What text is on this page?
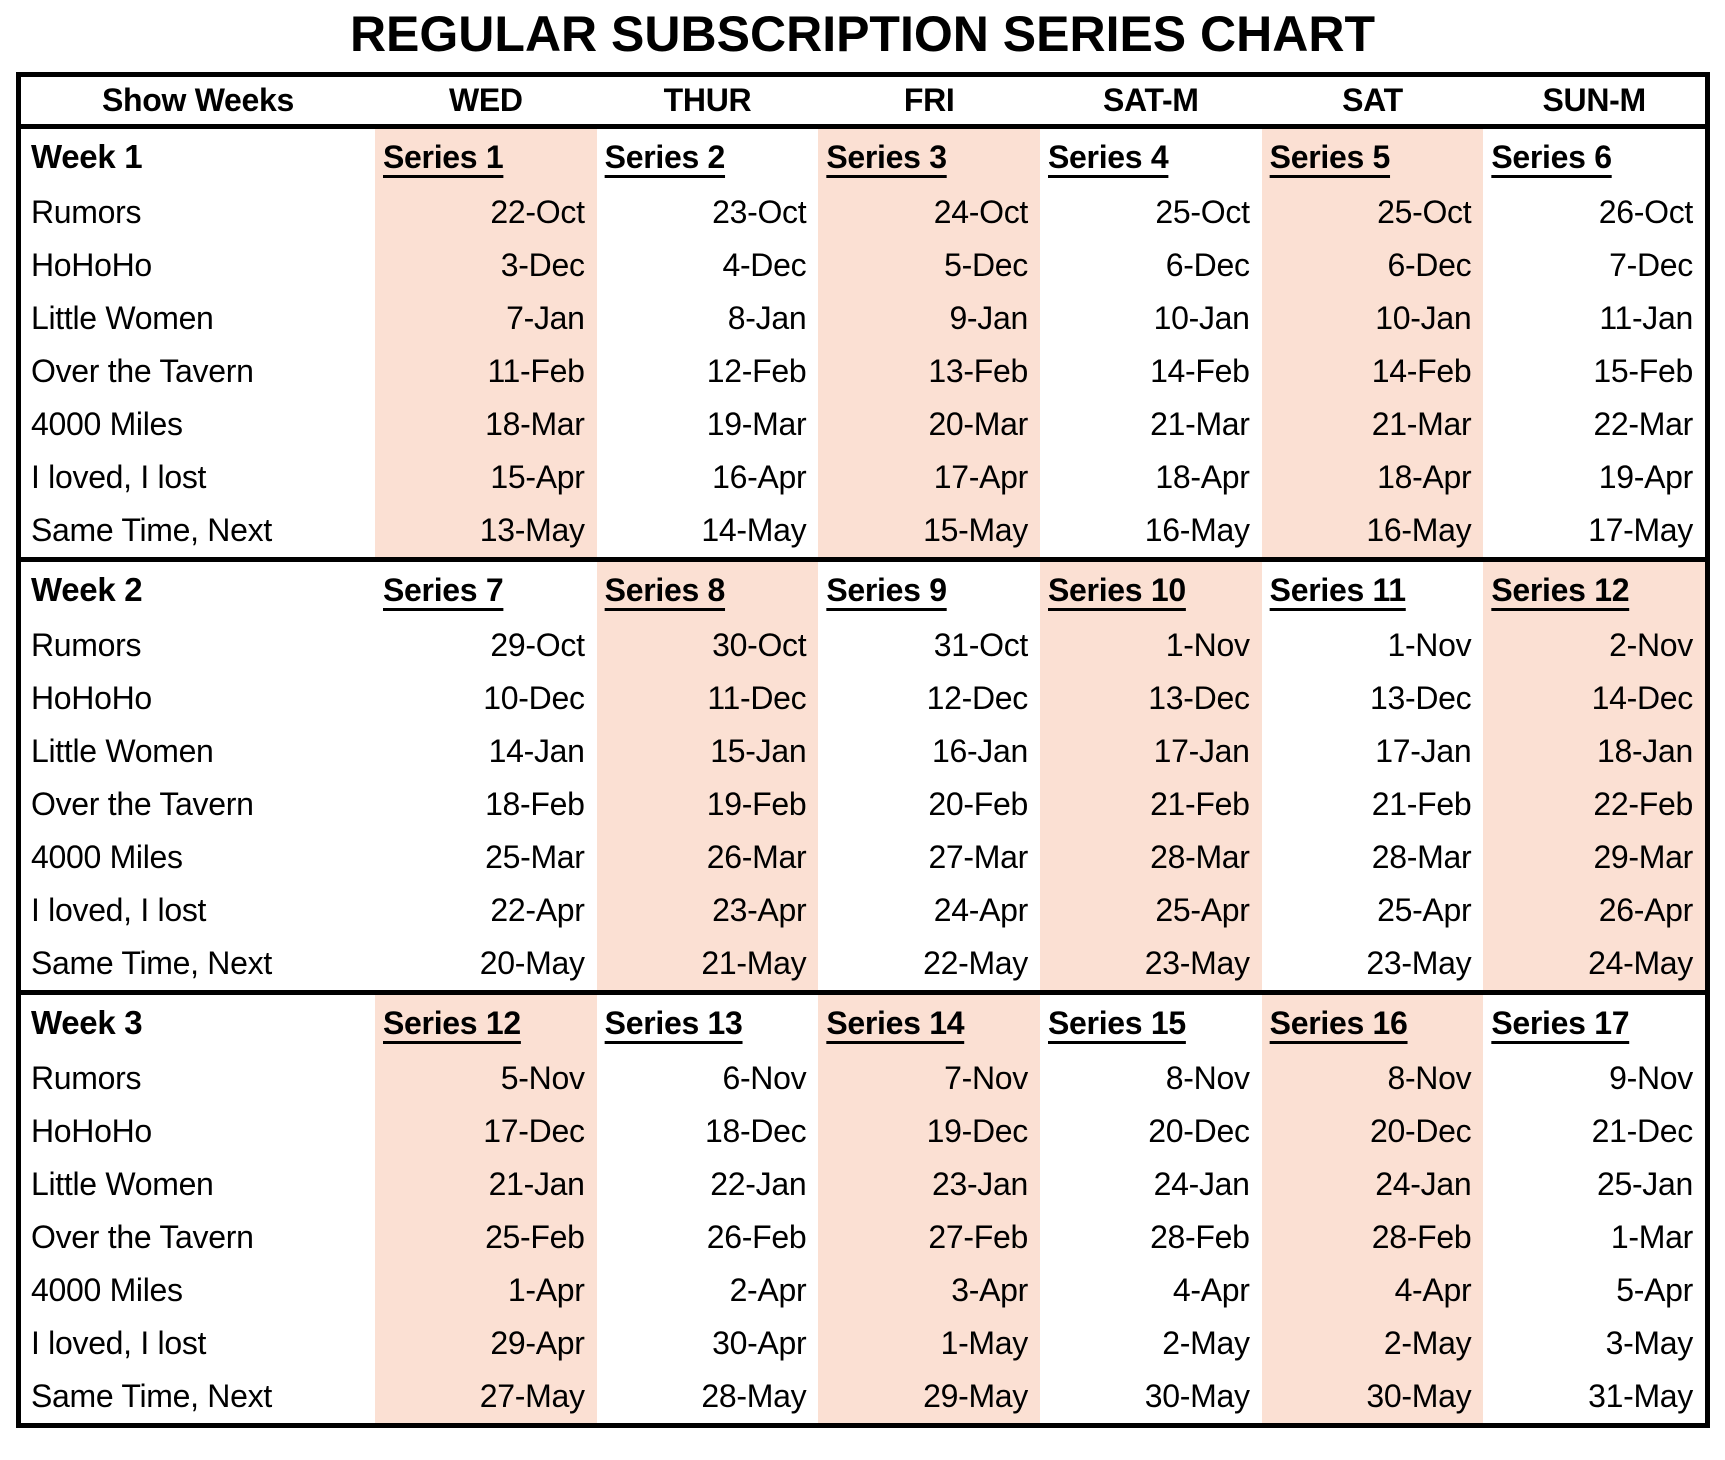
REGULAR SUBSCRIPTION SERIES CHART
Show Weeks	WED	THUR	FRI	SAT-M	SAT	SUN-M
Week 1	Series 1	Series 2	Series 3	Series 4	Series 5	Series 6
Rumors	22-Oct	23-Oct	24-Oct	25-Oct	25-Oct	26-Oct
HoHoHo	3-Dec	4-Dec	5-Dec	6-Dec	6-Dec	7-Dec
Little Women	7-Jan	8-Jan	9-Jan	10-Jan	10-Jan	11-Jan
Over the Tavern	11-Feb	12-Feb	13-Feb	14-Feb	14-Feb	15-Feb
4000 Miles	18-Mar	19-Mar	20-Mar	21-Mar	21-Mar	22-Mar
I loved, I lost	15-Apr	16-Apr	17-Apr	18-Apr	18-Apr	19-Apr
Same Time, Next	13-May	14-May	15-May	16-May	16-May	17-May
Week 2	Series 7	Series 8	Series 9	Series 10	Series 11	Series 12
Rumors	29-Oct	30-Oct	31-Oct	1-Nov	1-Nov	2-Nov
HoHoHo	10-Dec	11-Dec	12-Dec	13-Dec	13-Dec	14-Dec
Little Women	14-Jan	15-Jan	16-Jan	17-Jan	17-Jan	18-Jan
Over the Tavern	18-Feb	19-Feb	20-Feb	21-Feb	21-Feb	22-Feb
4000 Miles	25-Mar	26-Mar	27-Mar	28-Mar	28-Mar	29-Mar
I loved, I lost	22-Apr	23-Apr	24-Apr	25-Apr	25-Apr	26-Apr
Same Time, Next	20-May	21-May	22-May	23-May	23-May	24-May
Week 3	Series 12	Series 13	Series 14	Series 15	Series 16	Series 17
Rumors	5-Nov	6-Nov	7-Nov	8-Nov	8-Nov	9-Nov
HoHoHo	17-Dec	18-Dec	19-Dec	20-Dec	20-Dec	21-Dec
Little Women	21-Jan	22-Jan	23-Jan	24-Jan	24-Jan	25-Jan
Over the Tavern	25-Feb	26-Feb	27-Feb	28-Feb	28-Feb	1-Mar
4000 Miles	1-Apr	2-Apr	3-Apr	4-Apr	4-Apr	5-Apr
I loved, I lost	29-Apr	30-Apr	1-May	2-May	2-May	3-May
Same Time, Next	27-May	28-May	29-May	30-May	30-May	31-May
